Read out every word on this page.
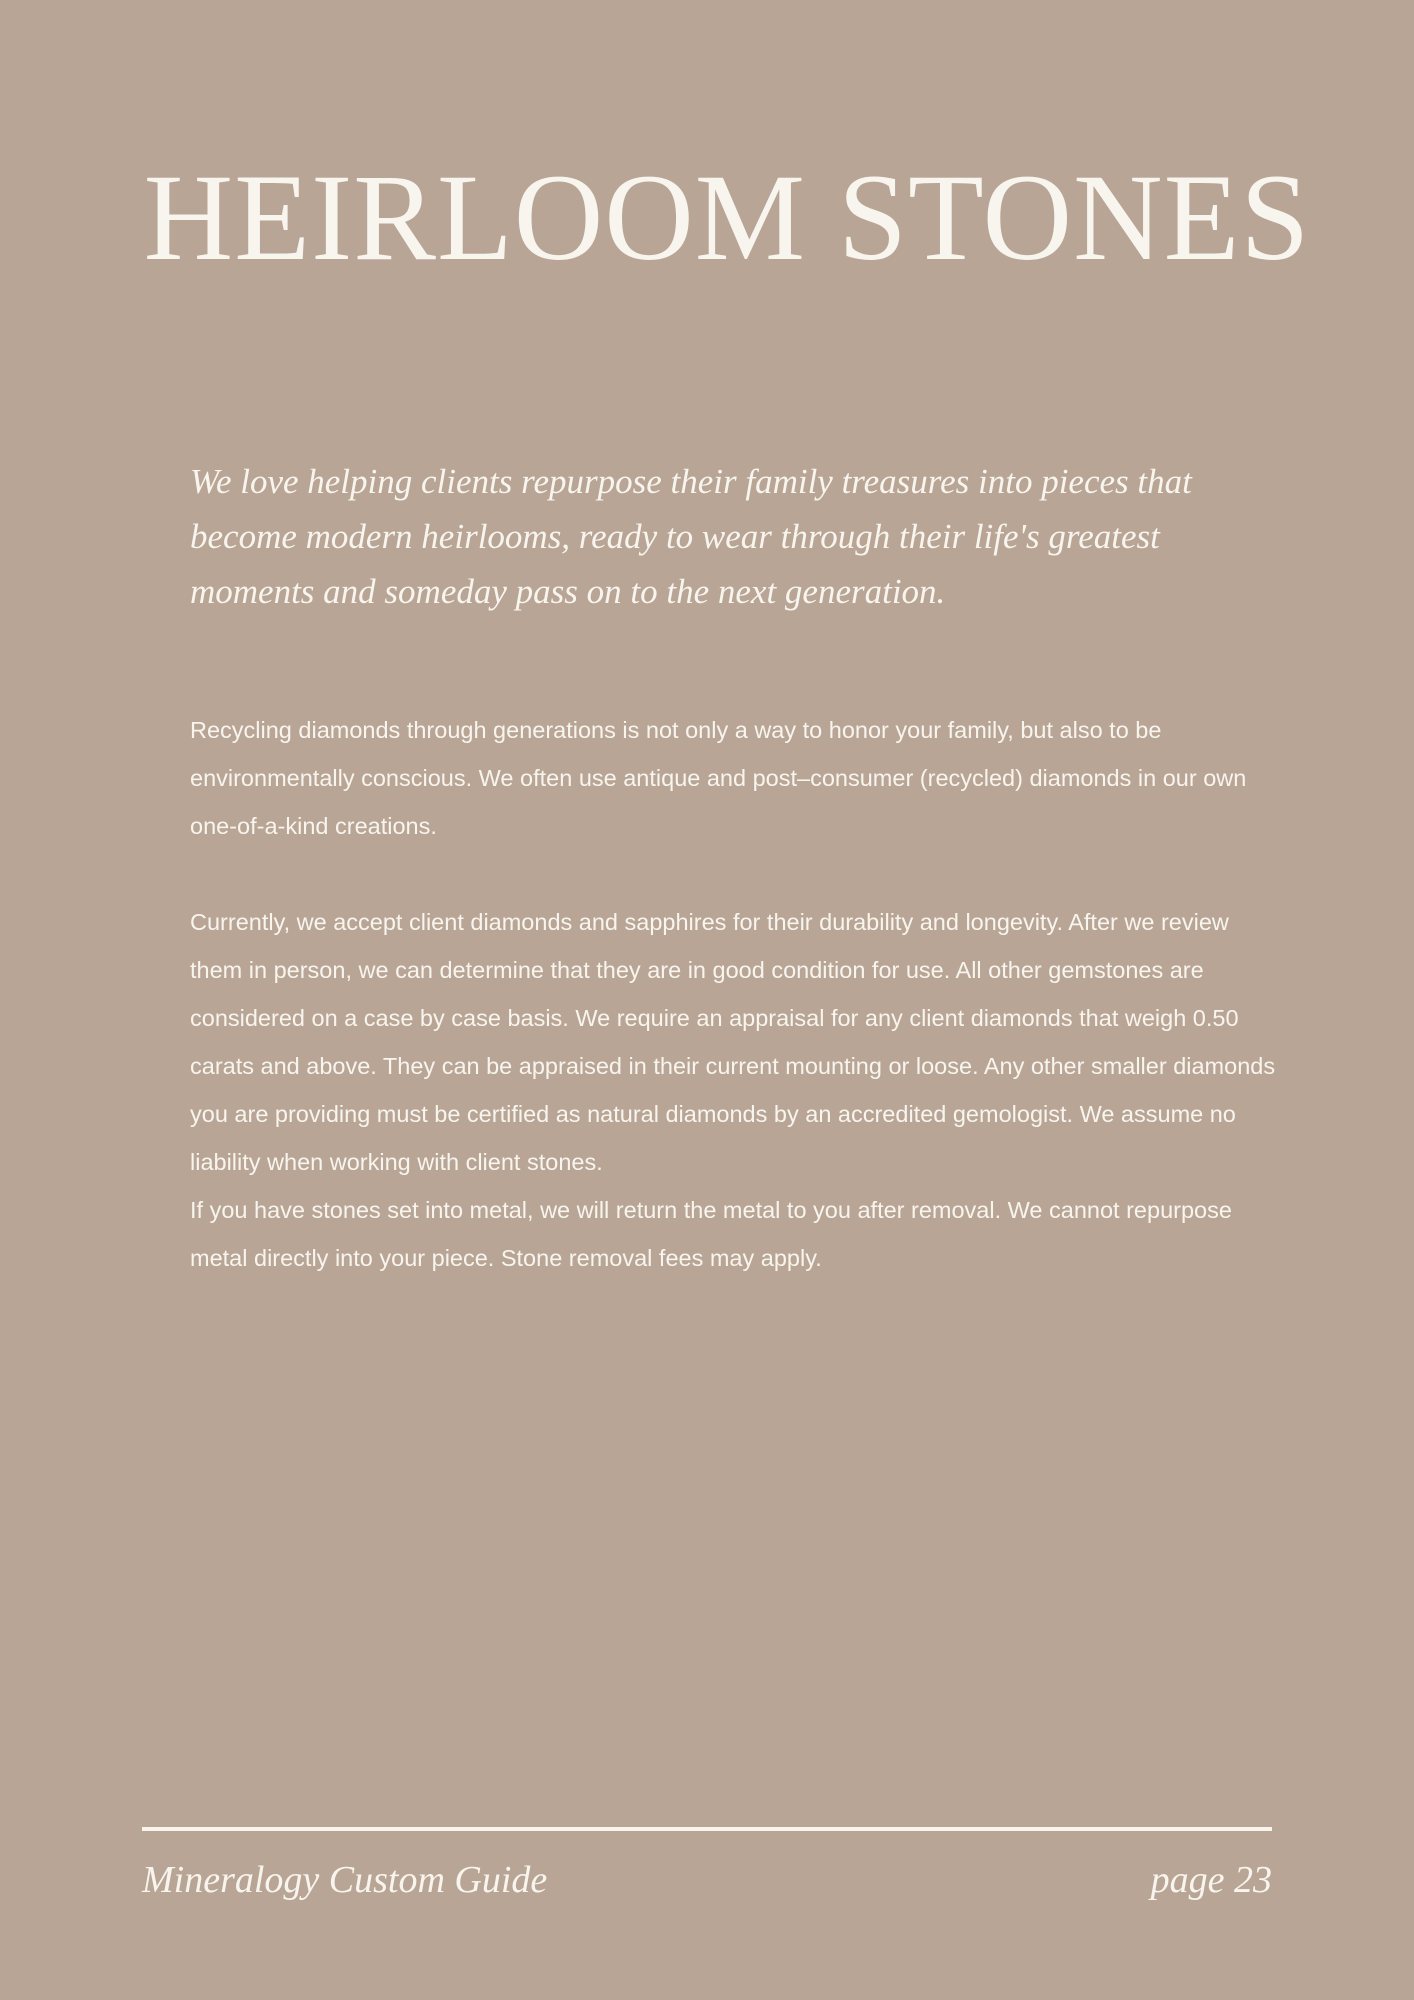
HEIRLOOM STONES

We love helping clients repurpose their family treasures into pieces that become modern heirlooms, ready to wear through their life's greatest moments and someday pass on to the next generation.

Recycling diamonds through generations is not only a way to honor your family, but also to be environmentally conscious. We often use antique and post–consumer (recycled) diamonds in our own one-of-a-kind creations.

Currently, we accept client diamonds and sapphires for their durability and longevity. After we review them in person, we can determine that they are in good condition for use. All other gemstones are considered on a case by case basis. We require an appraisal for any client diamonds that weigh 0.50 carats and above. They can be appraised in their current mounting or loose. Any other smaller diamonds you are providing must be certified as natural diamonds by an accredited gemologist. We assume no liability when working with client stones.

If you have stones set into metal, we will return the metal to you after removal. We cannot repurpose metal directly into your piece. Stone removal fees may apply.

Mineralogy Custom Guide	page 23
